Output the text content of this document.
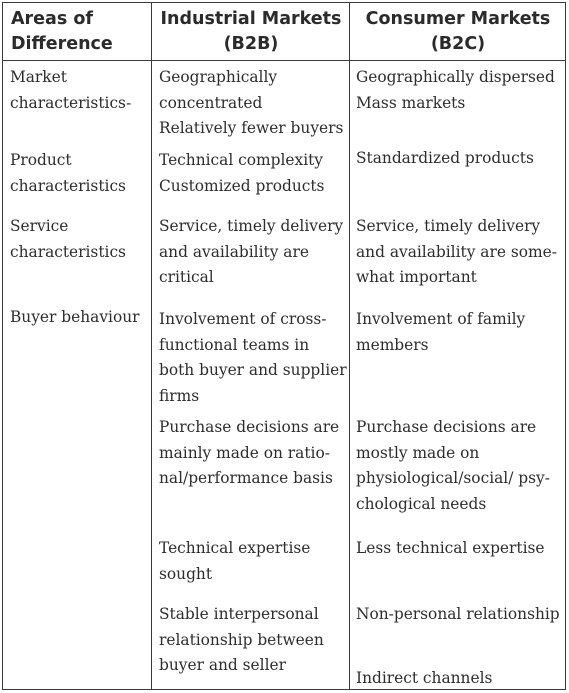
Areas of
Difference
Industrial Markets
(B2B)
Consumer Markets
(B2C)
Market
characteristics-
Geographically
concentrated
Relatively fewer buyers
Geographically dispersed
Mass markets
Product
characteristics
Technical complexity
Customized products
Standardized products
Service
characteristics
Service, timely delivery
and availability are
critical
Service, timely delivery
and availability are some-
what important
Buyer behaviour Involvement of cross-
functional teams in
both buyer and supplier
firms
Involvement of family
members
Purchase decisions are
mainly made on ratio-
nal/performance basis
Purchase decisions are
mostly made on
physiological/social/ psy-
chological needs
Technical expertise
sought
Less technical expertise
Stable interpersonal
relationship between
buyer and seller
Non-personal relationship
Indirect channels
